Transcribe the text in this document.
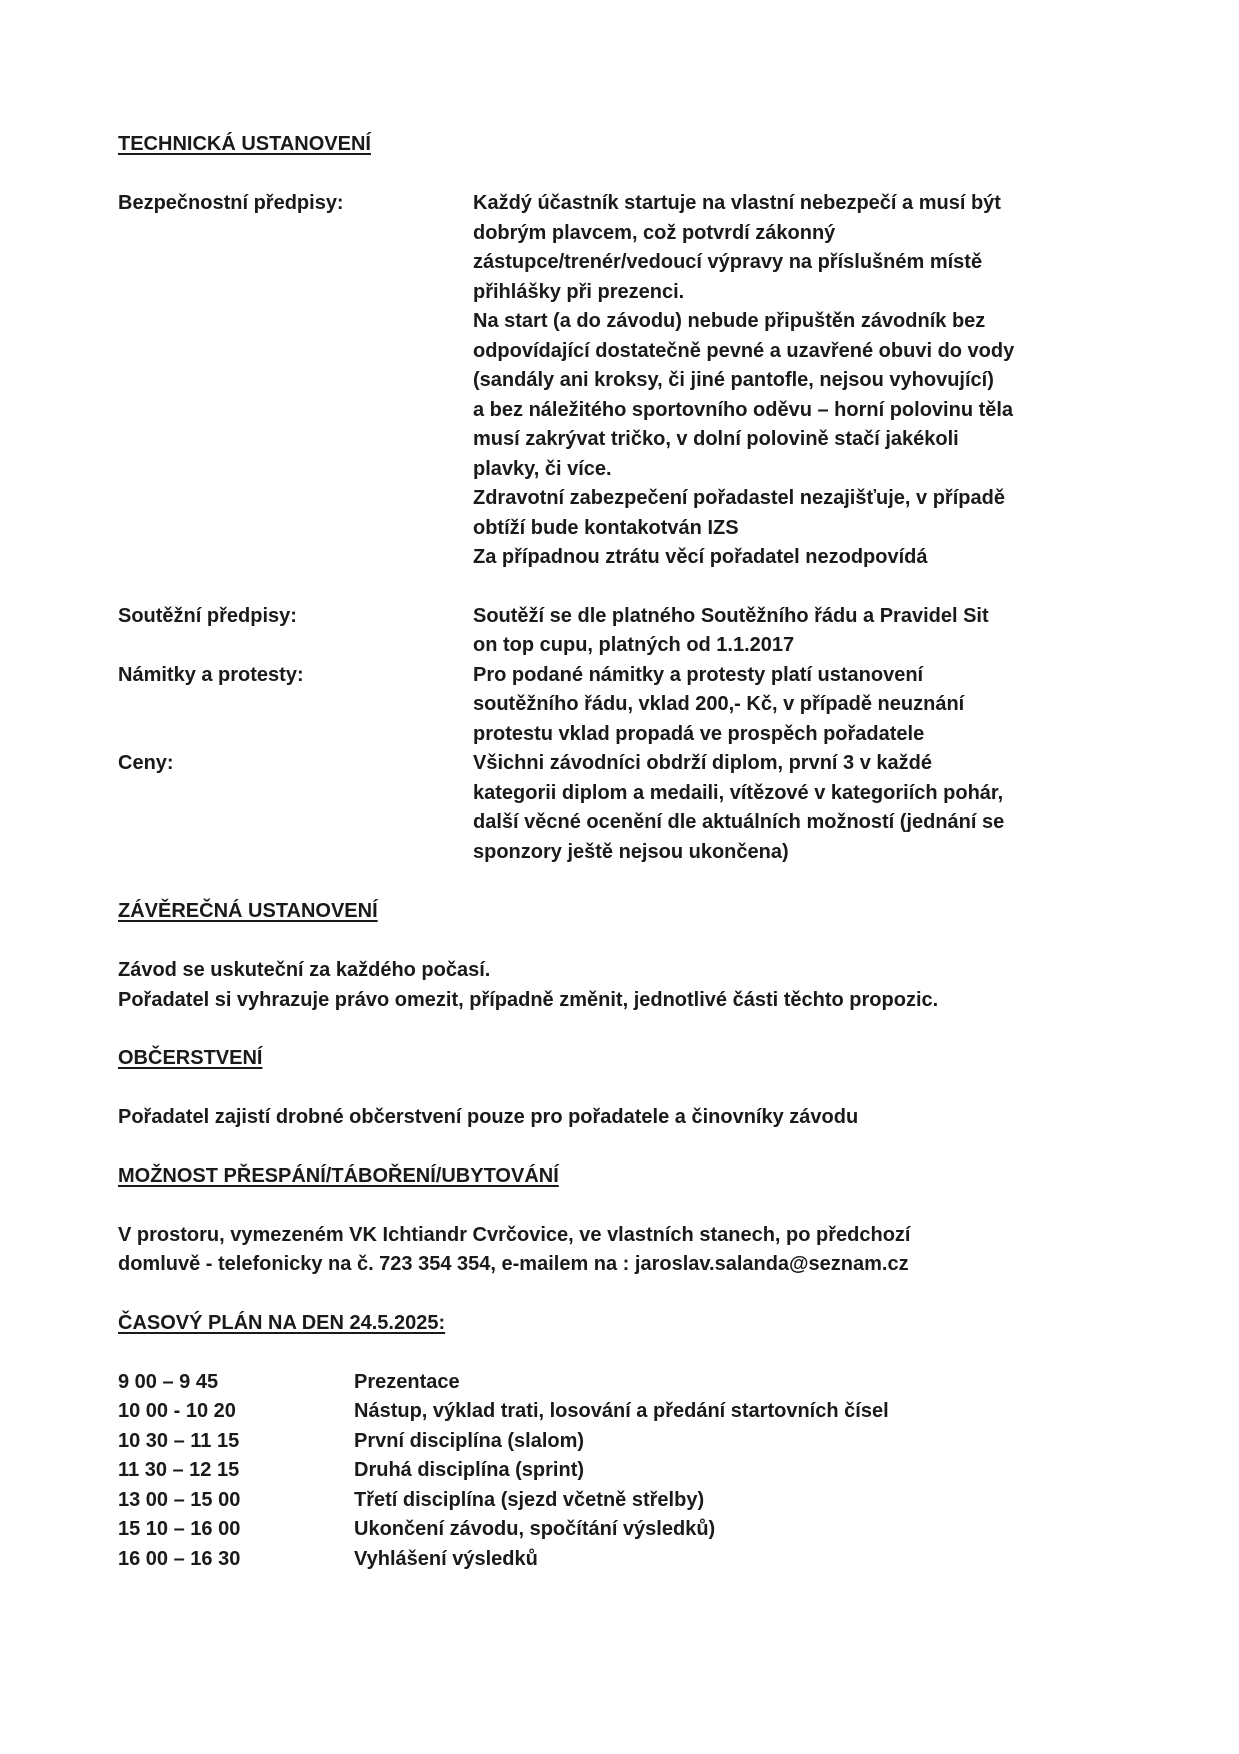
TECHNICKÁ USTANOVENÍ
Bezpečnostní předpisy:	Každý účastník startuje na vlastní nebezpečí a musí být
dobrým plavcem, což potvrdí zákonný
zástupce/trenér/vedoucí výpravy na příslušném místě
přihlášky při prezenci.
Na start (a do závodu) nebude připuštěn závodník bez
odpovídající dostatečně pevné a uzavřené obuvi do vody
(sandály ani kroksy, či jiné pantofle, nejsou vyhovující)
a bez náležitého sportovního oděvu – horní polovinu těla
musí zakrývat tričko, v dolní polovině stačí jakékoli
plavky, či více.
Zdravotní zabezpečení pořadastel nezajišťuje, v případě
obtíží bude kontakotván IZS
Za případnou ztrátu věcí pořadatel nezodpovídá
Soutěžní předpisy:	Soutěží se dle platného Soutěžního řádu a Pravidel Sit
on top cupu, platných od 1.1.2017
Námitky a protesty:	Pro podané námitky a protesty platí ustanovení
soutěžního řádu, vklad 200,- Kč, v případě neuznání
protestu vklad propadá ve prospěch pořadatele
Ceny:	Všichni závodníci obdrží diplom, první 3 v každé
kategorii diplom a medaili, vítězové v kategoriích pohár,
další věcné ocenění dle aktuálních možností (jednání se
sponzory ještě nejsou ukončena)
ZÁVĚREČNÁ USTANOVENÍ
Závod se uskuteční za každého počasí.
Pořadatel si vyhrazuje právo omezit, případně změnit, jednotlivé části těchto propozic.
OBČERSTVENÍ
Pořadatel zajistí drobné občerstvení pouze pro pořadatele a činovníky závodu
MOŽNOST PŘESPÁNÍ/TÁBOŘENÍ/UBYTOVÁNÍ
V prostoru, vymezeném VK Ichtiandr Cvrčovice, ve vlastních stanech, po předchozí
domluvě - telefonicky na č. 723 354 354, e-mailem na : jaroslav.salanda@seznam.cz
ČASOVÝ PLÁN NA DEN 24.5.2025:
9 00 – 9 45	Prezentace
10 00 - 10 20	Nástup, výklad trati, losování a předání startovních čísel
10 30 – 11 15	První disciplína (slalom)
11 30 – 12 15	Druhá disciplína (sprint)
13 00 – 15 00	Třetí disciplína (sjezd včetně střelby)
15 10 – 16 00	Ukončení závodu, spočítání výsledků)
16 00 – 16 30	Vyhlášení výsledků
